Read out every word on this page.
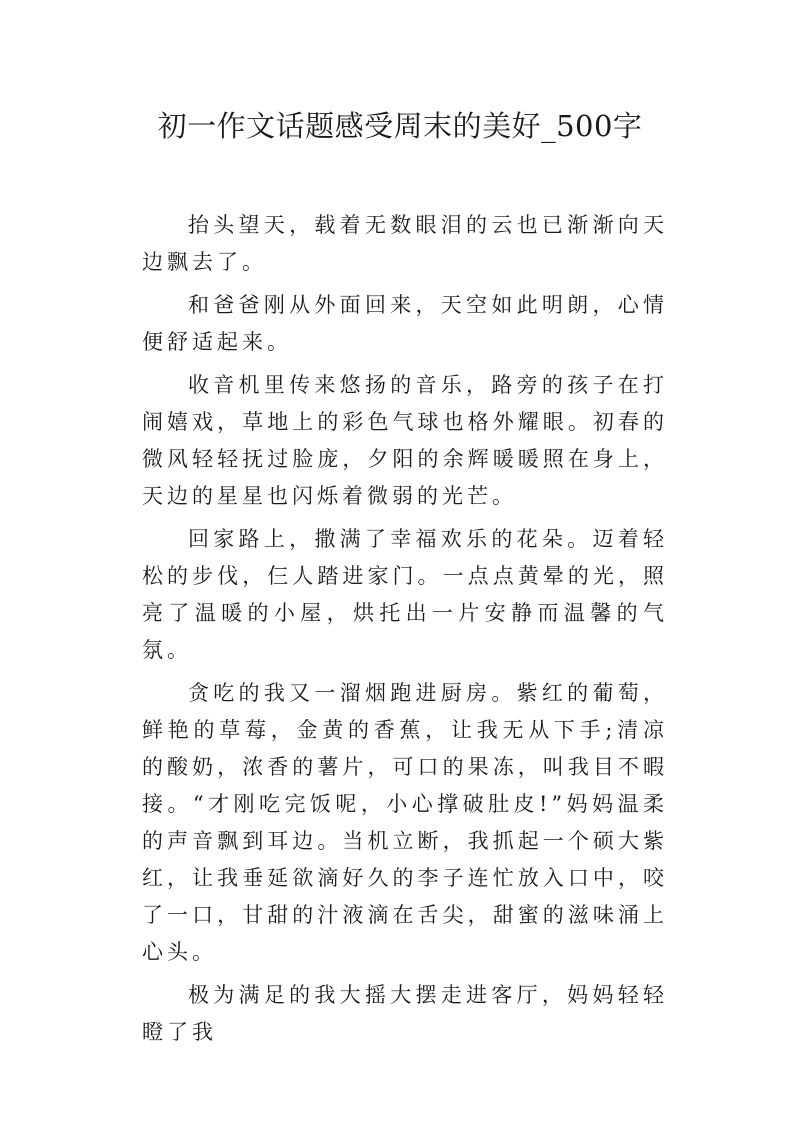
初一作文话题感受周末的美好_500字

抬头望天，载着无数眼泪的云也已渐渐向天边飘去了。

和爸爸刚从外面回来，天空如此明朗，心情便舒适起来。

收音机里传来悠扬的音乐，路旁的孩子在打闹嬉戏，草地上的彩色气球也格外耀眼。初春的微风轻轻抚过脸庞，夕阳的余辉暖暖照在身上，天边的星星也闪烁着微弱的光芒。

回家路上，撒满了幸福欢乐的花朵。迈着轻松的步伐，仨人踏进家门。一点点黄晕的光，照亮了温暖的小屋，烘托出一片安静而温馨的气氛。

贪吃的我又一溜烟跑进厨房。紫红的葡萄，鲜艳的草莓，金黄的香蕉，让我无从下手;清凉的酸奶，浓香的薯片，可口的果冻，叫我目不暇接。“才刚吃完饭呢，小心撑破肚皮!”妈妈温柔的声音飘到耳边。当机立断，我抓起一个硕大紫红，让我垂延欲滴好久的李子连忙放入口中，咬了一口，甘甜的汁液滴在舌尖，甜蜜的滋味涌上心头。

极为满足的我大摇大摆走进客厅，妈妈轻轻瞪了我
